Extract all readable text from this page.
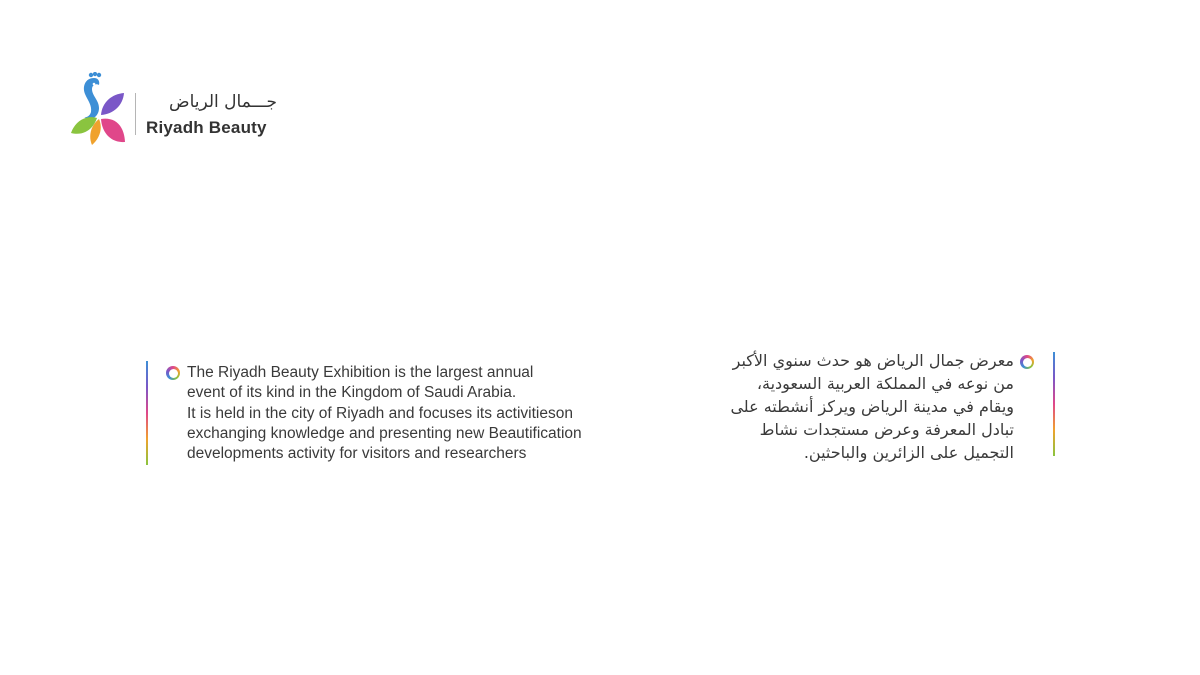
جـــمال الرياض
Riyadh Beauty
The Riyadh Beauty Exhibition is the largest annual
event of its kind in the Kingdom of Saudi Arabia.
It is held in the city of Riyadh and focuses its activitieson
exchanging knowledge and presenting new Beautification
developments activity for visitors and researchers
معرض جمال الرياض هو حدث سنوي الأكبر
من نوعه في المملكة العربية السعودية،
ويقام في مدينة الرياض ويركز أنشطته على
تبادل المعرفة وعرض مستجدات نشاط
التجميل على الزائرين والباحثين.
